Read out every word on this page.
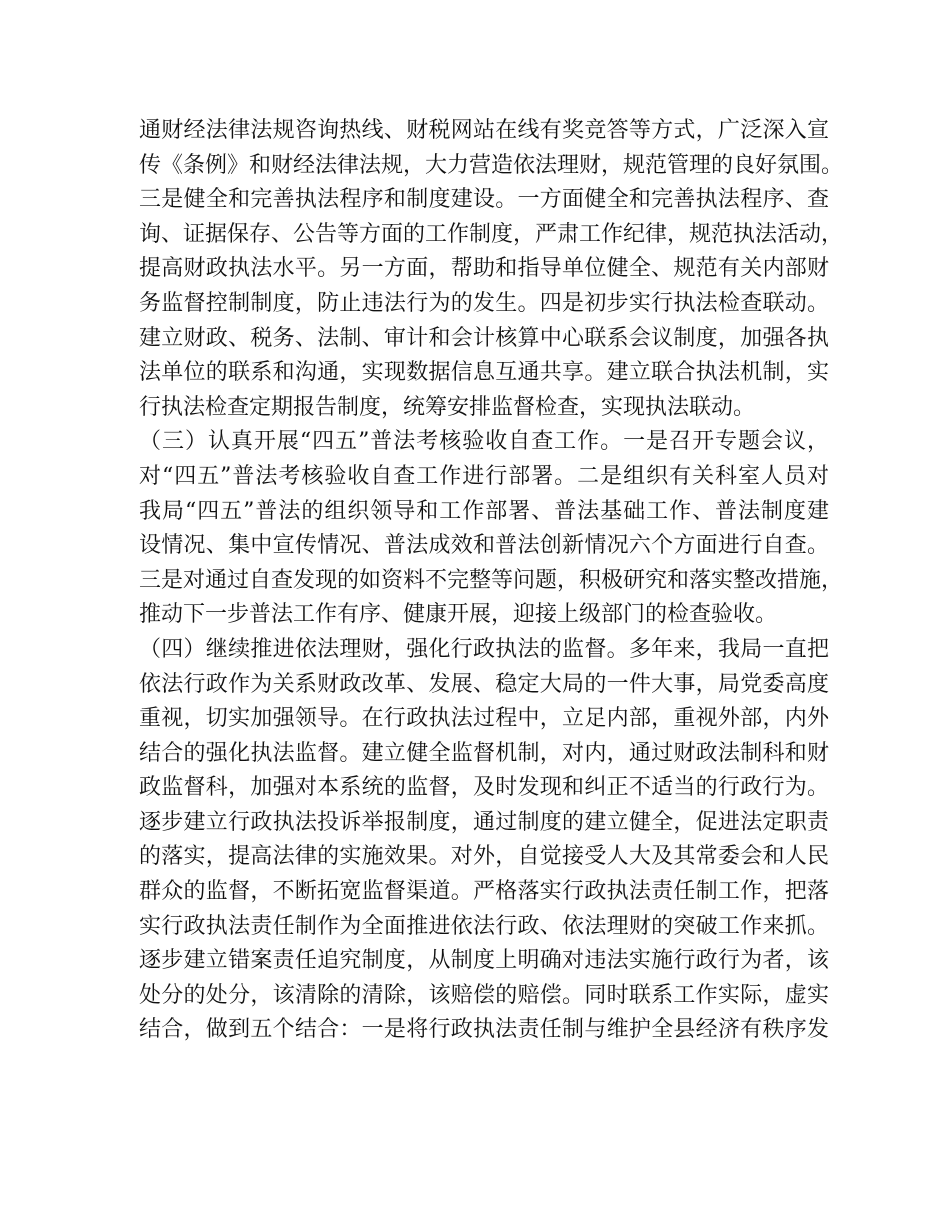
通财经法律法规咨询热线、财税网站在线有奖竞答等方式，广泛深入宣
传《条例》和财经法律法规，大力营造依法理财，规范管理的良好氛围。
三是健全和完善执法程序和制度建设。一方面健全和完善执法程序、查
询、证据保存、公告等方面的工作制度，严肃工作纪律，规范执法活动，
提高财政执法水平。另一方面，帮助和指导单位健全、规范有关内部财
务监督控制制度，防止违法行为的发生。四是初步实行执法检查联动。
建立财政、税务、法制、审计和会计核算中心联系会议制度，加强各执
法单位的联系和沟通，实现数据信息互通共享。建立联合执法机制，实
行执法检查定期报告制度，统筹安排监督检查，实现执法联动。
（三）认真开展“四五”普法考核验收自查工作。一是召开专题会议，
对“四五”普法考核验收自查工作进行部署。二是组织有关科室人员对
我局“四五”普法的组织领导和工作部署、普法基础工作、普法制度建
设情况、集中宣传情况、普法成效和普法创新情况六个方面进行自查。
三是对通过自查发现的如资料不完整等问题，积极研究和落实整改措施，
推动下一步普法工作有序、健康开展，迎接上级部门的检查验收。
（四）继续推进依法理财，强化行政执法的监督。多年来，我局一直把
依法行政作为关系财政改革、发展、稳定大局的一件大事，局党委高度
重视，切实加强领导。在行政执法过程中，立足内部，重视外部，内外
结合的强化执法监督。建立健全监督机制，对内，通过财政法制科和财
政监督科，加强对本系统的监督，及时发现和纠正不适当的行政行为。
逐步建立行政执法投诉举报制度，通过制度的建立健全，促进法定职责
的落实，提高法律的实施效果。对外，自觉接受人大及其常委会和人民
群众的监督，不断拓宽监督渠道。严格落实行政执法责任制工作，把落
实行政执法责任制作为全面推进依法行政、依法理财的突破工作来抓。
逐步建立错案责任追究制度，从制度上明确对违法实施行政行为者，该
处分的处分，该清除的清除，该赔偿的赔偿。同时联系工作实际，虚实
结合，做到五个结合：一是将行政执法责任制与维护全县经济有秩序发
